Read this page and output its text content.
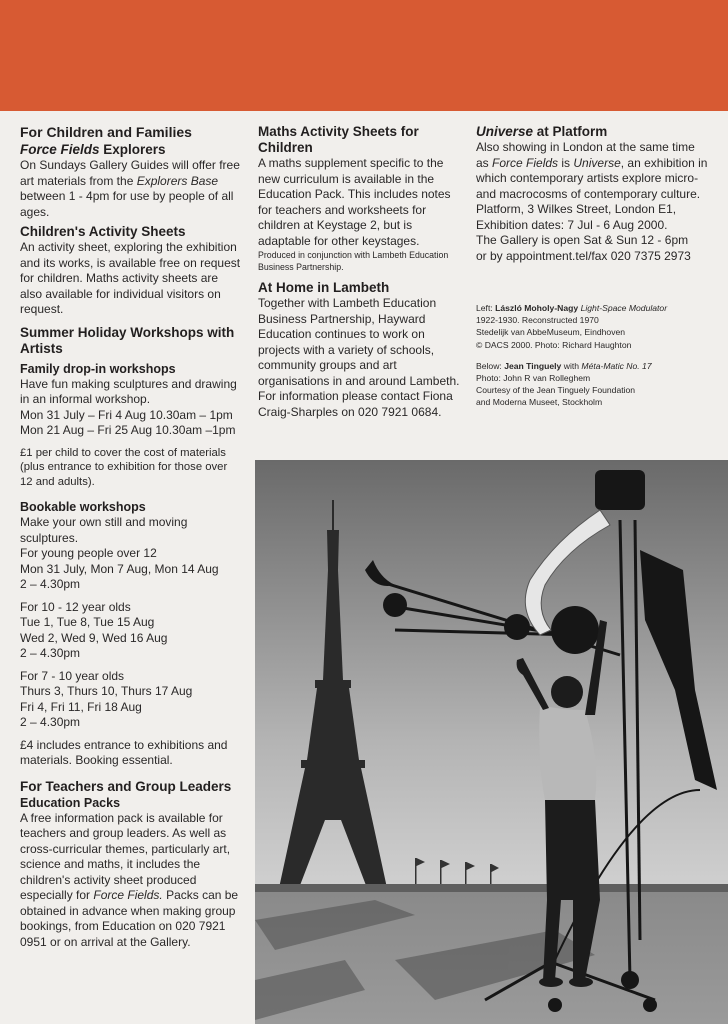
For Children and Families
Force Fields Explorers

On Sundays Gallery Guides will offer free art materials from the Explorers Base between 1 - 4pm for use by people of all ages.

Children's Activity Sheets

An activity sheet, exploring the exhibition and its works, is available free on request for children. Maths activity sheets are also available for individual visitors on request.

Summer Holiday Workshops with Artists
Family drop-in workshops

Have fun making sculptures and drawing in an informal workshop.

Mon 31 July – Fri 4 Aug 10.30am – 1pm

Mon 21 Aug – Fri 25 Aug 10.30am –1pm

£1 per child to cover the cost of materials (plus entrance to exhibition for those over 12 and adults).

Bookable workshops

Make your own still and moving sculptures.

For young people over 12

Mon 31 July, Mon 7 Aug, Mon 14 Aug

2 – 4.30pm

For 10 - 12 year olds

Tue 1, Tue 8, Tue 15 Aug

Wed 2, Wed 9, Wed 16 Aug

2 – 4.30pm

For 7 - 10 year olds

Thurs 3, Thurs 10, Thurs 17 Aug

Fri 4, Fri 11, Fri 18 Aug

2 – 4.30pm

£4 includes entrance to exhibitions and materials. Booking essential.

For Teachers and Group Leaders
Education Packs

A free information pack is available for teachers and group leaders. As well as cross-curricular themes, particularly art, science and maths, it includes the children's activity sheet produced especially for Force Fields. Packs can be obtained in advance when making group bookings, from Education on 020 7921 0951 or on arrival at the Gallery.

Maths Activity Sheets for Children

A maths supplement specific to the new curriculum is available in the Education Pack. This includes notes for teachers and worksheets for children at Keystage 2, but is adaptable for other keystages.

Produced in conjunction with Lambeth Education Business Partnership.

At Home in Lambeth

Together with Lambeth Education Business Partnership, Hayward Education continues to work on projects with a variety of schools, community groups and art organisations in and around Lambeth. For information please contact Fiona Craig-Sharples on 020 7921 0684.

Universe at Platform

Also showing in London at the same time as Force Fields is Universe, an exhibition in which contemporary artists explore micro- and macrocosms of contemporary culture.

Platform, 3 Wilkes Street, London E1,

Exhibition dates: 7 Jul - 6 Aug 2000.

The Gallery is open Sat & Sun 12 - 6pm

or by appointment.tel/fax 020 7375 2973

Left: László Moholy-Nagy Light-Space Modulator

1922-1930. Reconstructed 1970

Stedelijk van AbbeMuseum, Eindhoven

© DACS 2000. Photo: Richard Haughton

Below: Jean Tinguely with Méta-Matic No. 17

Photo: John R van Rolleghem

Courtesy of the Jean Tinguely Foundation

and Moderna Museet, Stockholm
